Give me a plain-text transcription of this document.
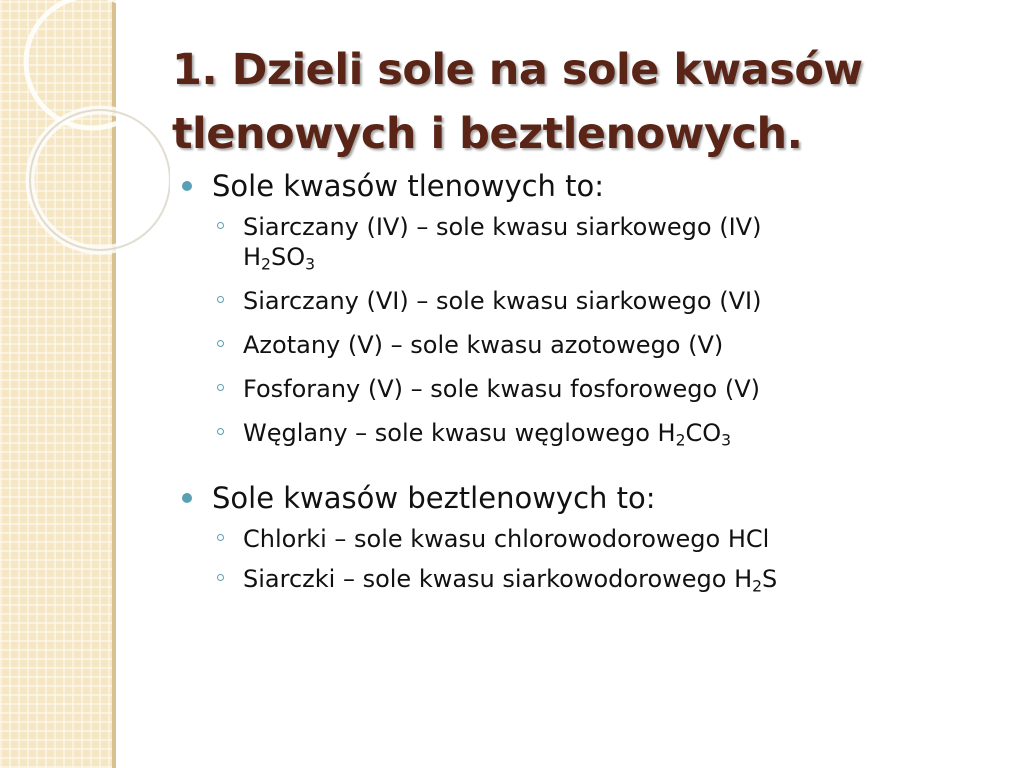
1. Dzieli sole na sole kwasów
tlenowych i beztlenowych.
Sole kwasów tlenowych to:
Siarczany (IV) – sole kwasu siarkowego (IV)
$H_2SO_3$
Siarczany (VI) – sole kwasu siarkowego (VI)
Azotany (V) – sole kwasu azotowego (V)
Fosforany (V) – sole kwasu fosforowego (V)
Węglany – sole kwasu węglowego $H_2CO_3$
Sole kwasów beztlenowych to:
Chlorki – sole kwasu chlorowodorowego HCl
Siarczki – sole kwasu siarkowodorowego $H_2S$
